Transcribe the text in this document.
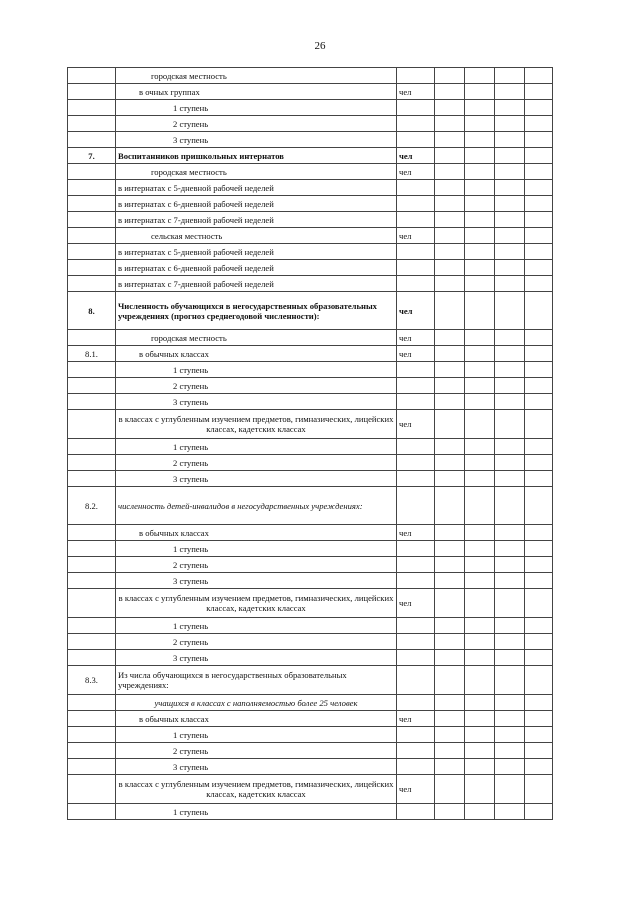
26
	городская местность					
	в очных группах	чел				
	1 ступень					
	2 ступень					
	3 ступень					
7.	Воспитанников пришкольных интернатов	чел				
	городская местность	чел				
	в интернатах с 5-дневной рабочей неделей					
	в интернатах с 6-дневной рабочей неделей					
	в интернатах с 7-дневной рабочей неделей					
	сельская местность	чел				
	в интернатах с 5-дневной рабочей неделей					
	в интернатах с 6-дневной рабочей неделей					
	в интернатах с 7-дневной рабочей неделей					
8.	Численность обучающихся в негосударственных образовательных учреждениях (прогноз среднегодовой численности):	чел				
	городская местность	чел				
8.1.	в обычных классах	чел				
	1 ступень					
	2 ступень					
	3 ступень					
	в классах с углубленным изучением предметов, гимназических, лицейских классах, кадетских классах	чел				
	1 ступень					
	2 ступень					
	3 ступень					
8.2.	численность детей-инвалидов в негосударственных учреждениях:					
	в обычных классах	чел				
	1 ступень					
	2 ступень					
	3 ступень					
	в классах с углубленным изучением предметов, гимназических, лицейских классах, кадетских классах	чел				
	1 ступень					
	2 ступень					
	3 ступень					
8.3.	Из числа обучающихся в негосударственных образовательных учреждениях:					
	учащихся в классах с наполняемостью более 25 человек					
	в обычных классах	чел				
	1 ступень					
	2 ступень					
	3 ступень					
	в классах с углубленным изучением предметов, гимназических, лицейских классах, кадетских классах	чел				
	1 ступень					
